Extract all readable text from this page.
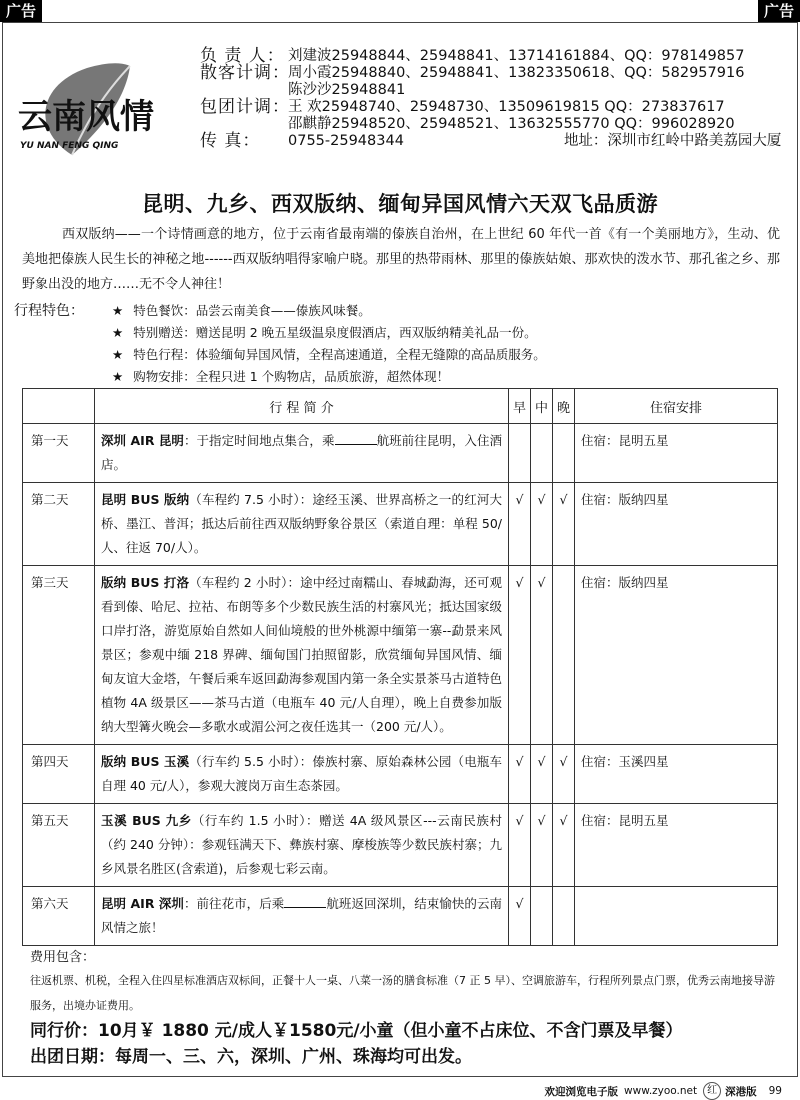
广告	广告
云南风情
YU NAN FENG QING
负 责 人： 刘建波25948844、25948841、13714161884、QQ：978149857
散客计调：
周小霞25948840、25948841、13823350618、QQ：582957916
陈沙沙25948841
包团计调：
王 欢25948740、25948730、13509619815 QQ：273837617
邵麒静25948520、25948521、13632555770 QQ：996028920
传 真：	0755-25948344	地址：深圳市红岭中路美荔园大厦
昆明、九乡、西双版纳、缅甸异国风情六天双飞品质游

西双版纳——一个诗情画意的地方，位于云南省最南端的傣族自治州，在上世纪 60 年代一首《有一个美丽地方》，生动、优美地把傣族人民生长的神秘之地------西双版纳唱得家喻户晓。那里的热带雨林、那里的傣族姑娘、那欢快的泼水节、那孔雀之乡、那野象出没的地方……无不令人神往！

行程特色： ★ 特色餐饮：品尝云南美食——傣族风味餐。
★ 特别赠送：赠送昆明 2 晚五星级温泉度假酒店，西双版纳精美礼品一份。
★ 特色行程：体验缅甸异国风情，全程高速通道，全程无缝隙的高品质服务。
★ 购物安排：全程只进 1 个购物店，品质旅游，超然体现！
	行 程 简 介	早	中	晚	住宿安排
第一天	深圳 AIR 昆明：于指定时间地点集合，乘 航班前往昆明，入住酒店。				住宿：昆明五星
第二天	昆明 BUS 版纳（车程约 7.5 小时）：途经玉溪、世界高桥之一的红河大桥、墨江、普洱；抵达后前往西双版纳野象谷景区（索道自理：单程 50/人、往返 70/人）。	√	√	√	住宿：版纳四星
第三天	版纳 BUS 打洛（车程约 2 小时）：途中经过南糯山、春城勐海，还可观看到傣、哈尼、拉祜、布朗等多个少数民族生活的村寨风光；抵达国家级口岸打洛，游览原始自然如人间仙境般的世外桃源中缅第一寨--勐景来风景区；参观中缅 218 界碑、缅甸国门拍照留影，欣赏缅甸异国风情、缅甸友谊大金塔，午餐后乘车返回勐海参观国内第一条全实景茶马古道特色植物 4A 级景区——茶马古道（电瓶车 40 元/人自理），晚上自费参加版纳大型篝火晚会—多歌水或湄公河之夜任选其一（200 元/人）。	√	√		住宿：版纳四星
第四天	版纳 BUS 玉溪（行车约 5.5 小时）：傣族村寨、原始森林公园（电瓶车自理 40 元/人），参观大渡岗万亩生态茶园。	√	√	√	住宿：玉溪四星
第五天	玉溪 BUS 九乡（行车约 1.5 小时）：赠送 4A 级风景区---云南民族村（约 240 分钟）：参观钰满天下、彝族村寨、摩梭族等少数民族村寨；九乡风景名胜区(含索道)，后参观七彩云南。	√	√	√	住宿：昆明五星
第六天	昆明 AIR 深圳：前往花市，后乘 航班返回深圳，结束愉快的云南风情之旅！	√			
费用包含：

往返机票、机税，全程入住四星标准酒店双标间，正餐十人一桌、八菜一汤的膳食标准（7 正 5 早）、空调旅游车，行程所列景点门票，优秀云南地接导游服务，出境办证费用。

同行价：10月￥ 1880 元/成人￥1580元/小童（但小童不占床位、不含门票及早餐）
出团日期：每周一、三、六，深圳、广州、珠海均可出发。
欢迎浏览电子版 www.zyoo.net	红 深港版 99
